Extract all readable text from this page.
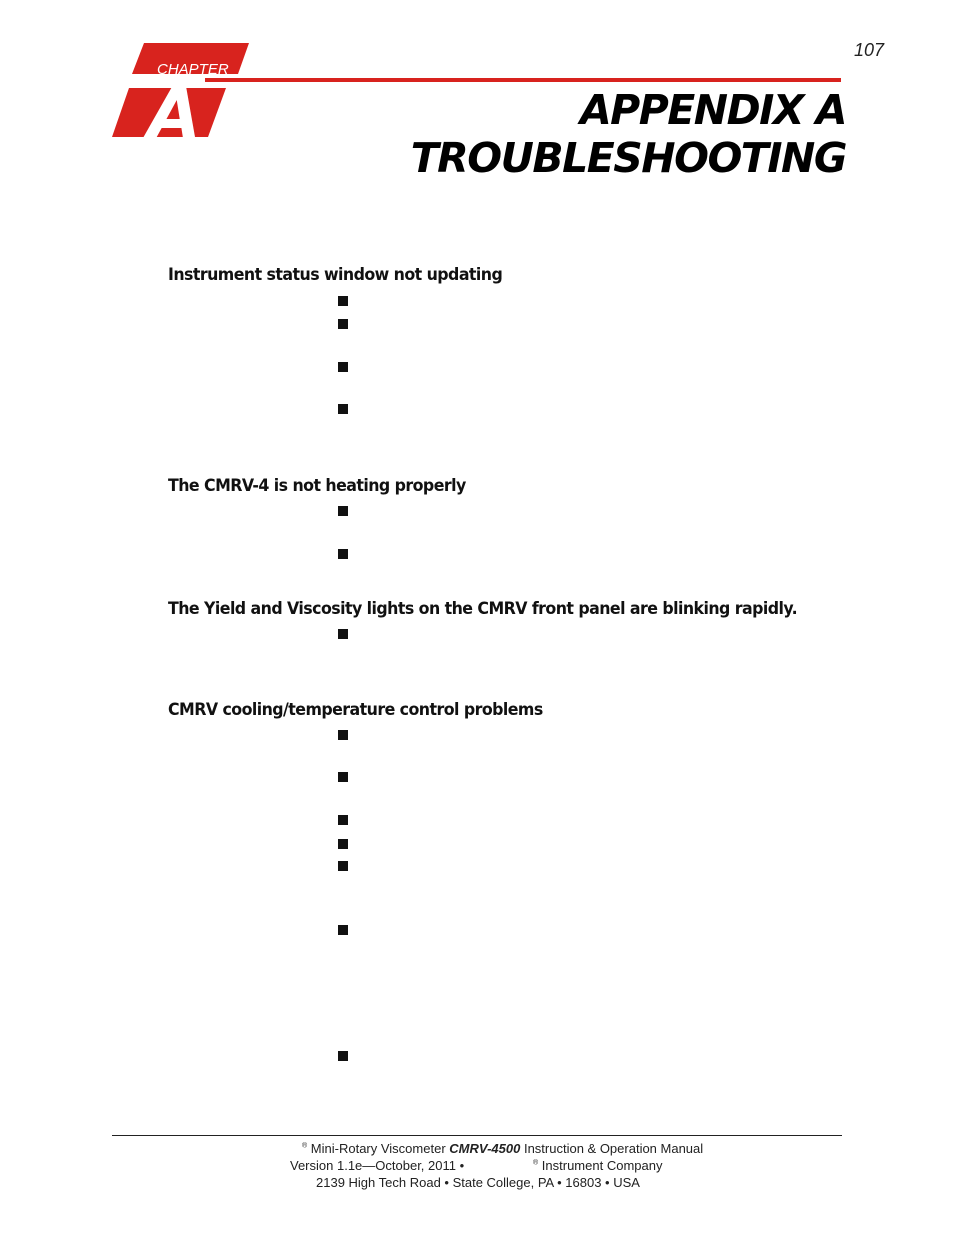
107
CHAPTER
A	APPENDIX A
TROUBLESHOOTING
Instrument status window not updating
The CMRV-4 is not heating properly
The Yield and Viscosity lights on the CMRV front panel are blinking rapidly.
CMRV cooling/temperature control problems
® Mini-Rotary Viscometer CMRV-4500 Instruction & Operation Manual
Version 1.1e—October, 2011 •	® Instrument Company
2139 High Tech Road • State College, PA • 16803 • USA
